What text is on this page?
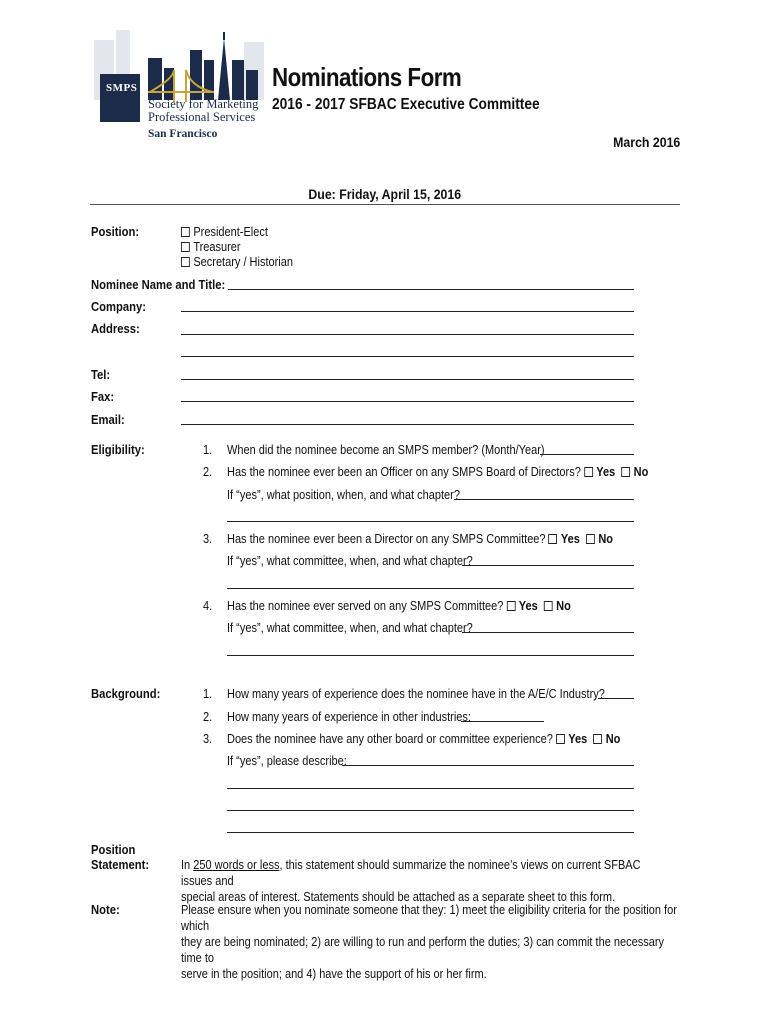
SMPS
Society for Marketing
Professional Services
San Francisco
Nominations Form
2016 - 2017 SFBAC Executive Committee
March 2016
Due: Friday, April 15, 2016
Position:	President-Elect
Treasurer
Secretary / Historian
Nominee Name and Title:
Company:
Address:
Tel:
Fax:
Email:
Eligibility:	1. When did the nominee become an SMPS member? (Month/Year)
2. Has the nominee ever been an Officer on any SMPS Board of Directors? Yes No
If “yes”, what position, when, and what chapter?
3. Has the nominee ever been a Director on any SMPS Committee? Yes No
If “yes”, what committee, when, and what chapter?
4. Has the nominee ever served on any SMPS Committee? Yes No
If “yes”, what committee, when, and what chapter?
Background:	1. How many years of experience does the nominee have in the A/E/C Industry?
2. How many years of experience in other industries:
3. Does the nominee have any other board or committee experience? Yes No
If “yes”, please describe:
Position
Statement:	In 250 words or less, this statement should summarize the nominee’s views on current SFBAC issues and
special areas of interest. Statements should be attached as a separate sheet to this form.
Note:	Please ensure when you nominate someone that they: 1) meet the eligibility criteria for the position for which
they are being nominated; 2) are willing to run and perform the duties; 3) can commit the necessary time to
serve in the position; and 4) have the support of his or her firm.
